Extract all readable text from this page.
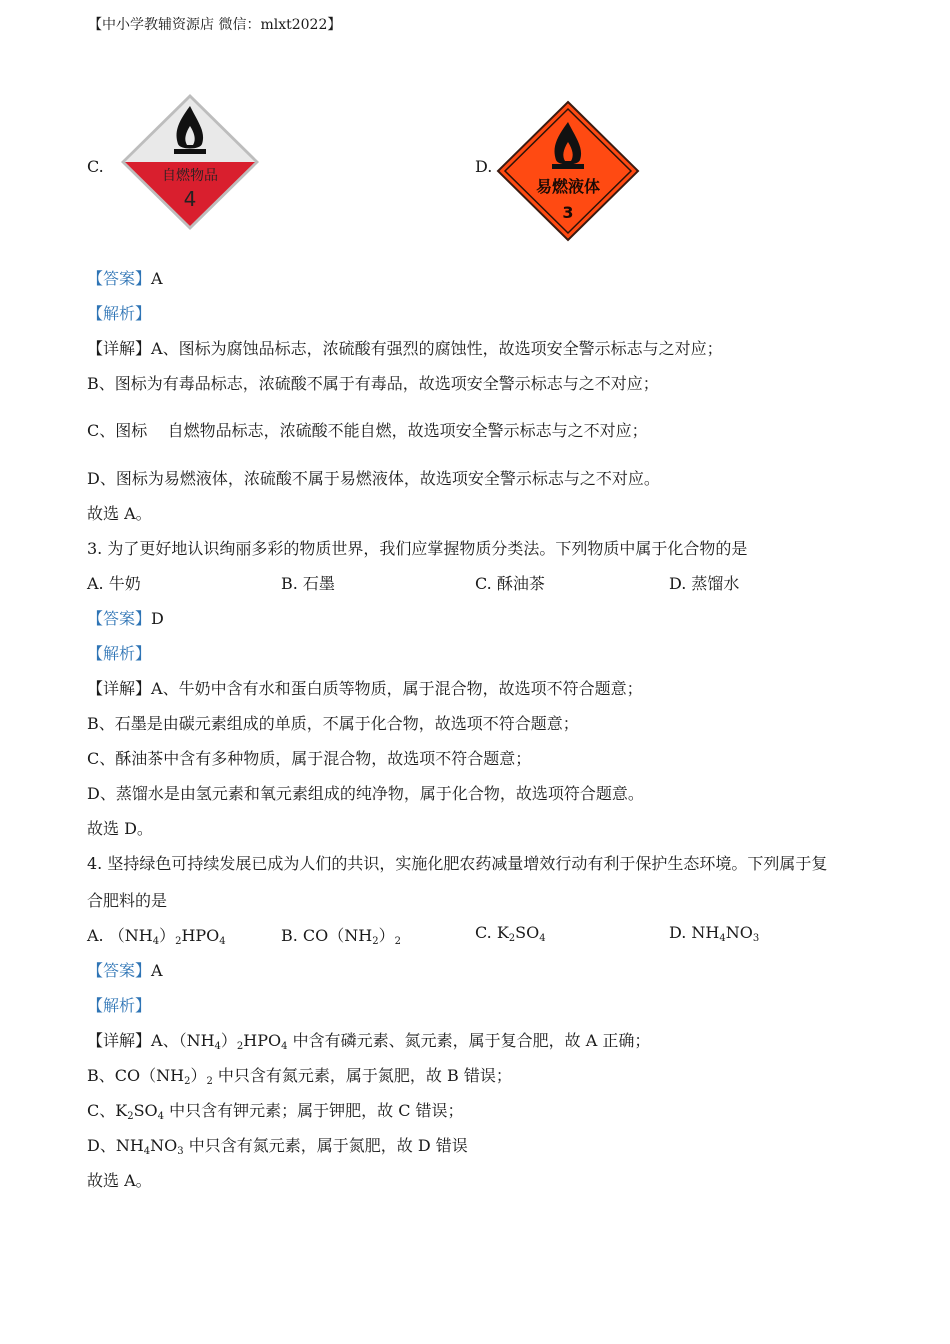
【中小学教辅资源店 微信：mlxt2022】
C.	自燃物品
4
D.
易燃液体
3
【答案】A
【解析】
【详解】A、图标为腐蚀品标志，浓硫酸有强烈的腐蚀性，故选项安全警示标志与之对应；
B、图标为有毒品标志，浓硫酸不属于有毒品，故选项安全警示标志与之不对应；
C、图标    自燃物品标志，浓硫酸不能自燃，故选项安全警示标志与之不对应；
D、图标为易燃液体，浓硫酸不属于易燃液体，故选项安全警示标志与之不对应。
故选 A。
3. 为了更好地认识绚丽多彩的物质世界，我们应掌握物质分类法。下列物质中属于化合物的是
A. 牛奶	B. 石墨	C. 酥油茶	D. 蒸馏水
【答案】D
【解析】
【详解】A、牛奶中含有水和蛋白质等物质，属于混合物，故选项不符合题意；
B、石墨是由碳元素组成的单质，不属于化合物，故选项不符合题意；
C、酥油茶中含有多种物质，属于混合物，故选项不符合题意；
D、蒸馏水是由氢元素和氧元素组成的纯净物，属于化合物，故选项符合题意。
故选 D。
4. 坚持绿色可持续发展已成为人们的共识，实施化肥农药减量增效行动有利于保护生态环境。下列属于复
合肥料的是
A. $(NH_4)_2HPO_4$	B. $CO(NH_2)_2$	C. $K_2SO_4$	D. $NH_4NO_3$
【答案】A
【解析】
【详解】A、$(NH_4)_2HPO_4$ 中含有磷元素、氮元素，属于复合肥，故 A 正确；
B、$CO(NH_2)_2$ 中只含有氮元素，属于氮肥，故 B 错误；
C、$K_2SO_4$ 中只含有钾元素；属于钾肥，故 C 错误；
D、$NH_4NO_3$ 中只含有氮元素，属于氮肥，故 D 错误
故选 A。
